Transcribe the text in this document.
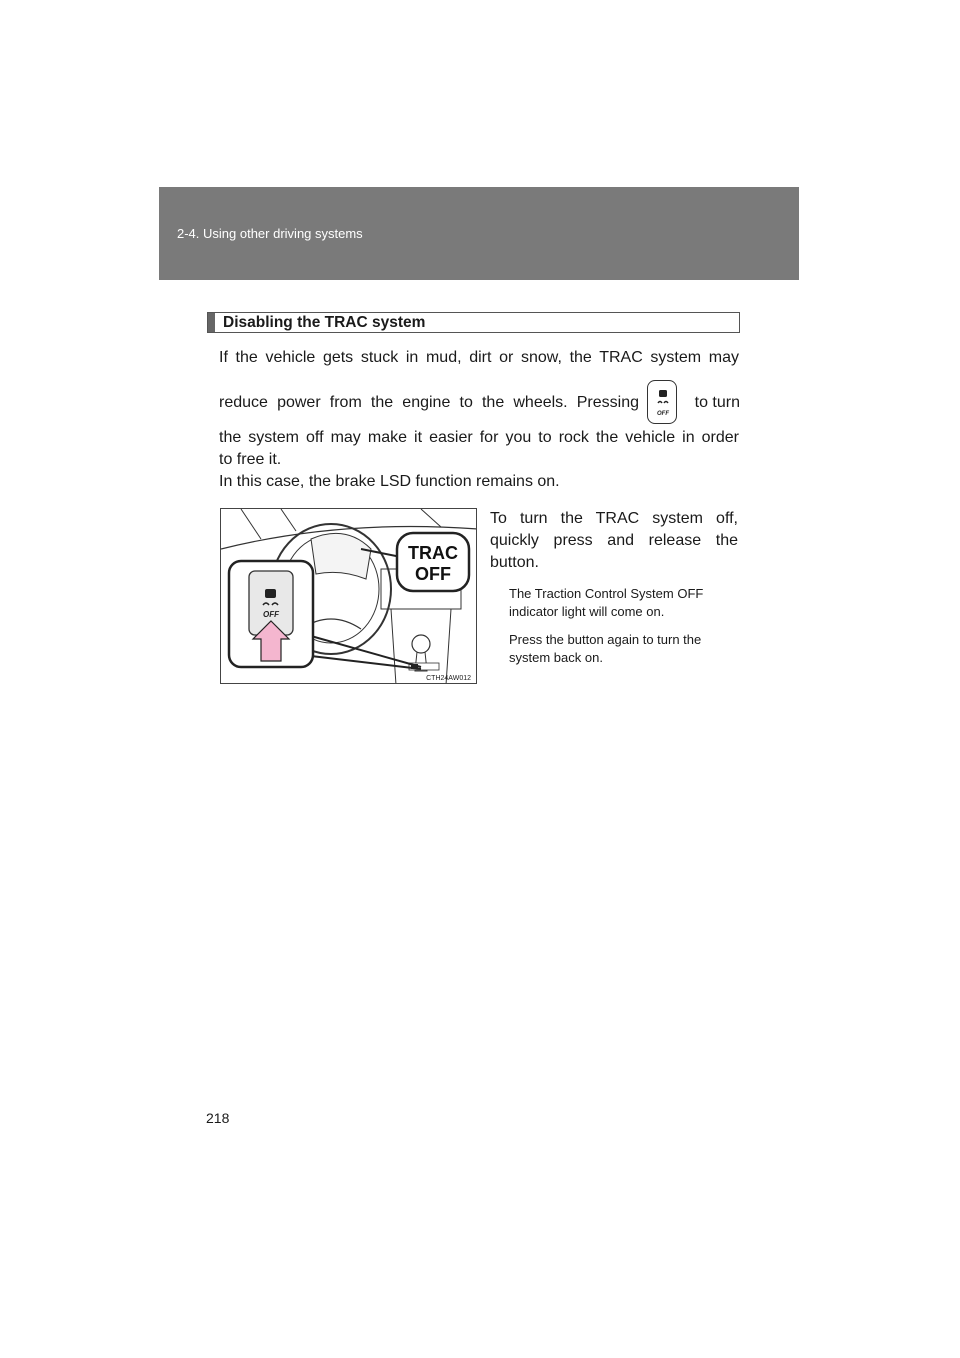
2-4. Using other driving systems
Disabling the TRAC system
If the vehicle gets stuck in mud, dirt or snow, the TRAC system may
reduce power from the engine to the wheels. Pressing
OFF
to turn
the system off may make it easier for you to rock the vehicle in order
to free it.
In this case, the brake LSD function remains on.
To turn the TRAC system off,
quickly press and release the
button.
The Traction Control System OFF
indicator light will come on.
Press the button again to turn the
system back on.
TRAC
OFF
OFF
CTH24AW012
218
